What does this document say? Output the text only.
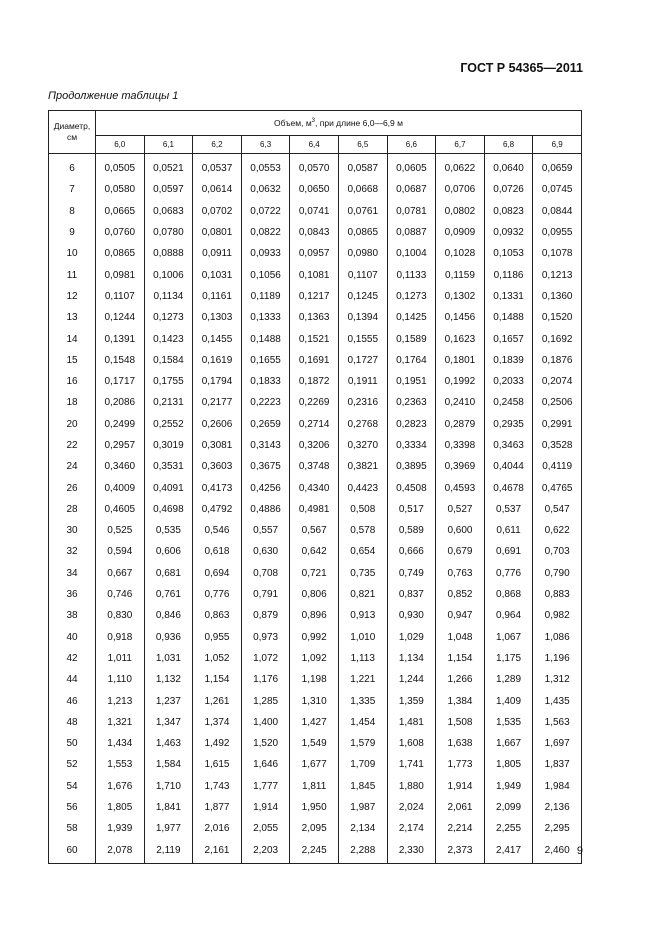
ГОСТ Р 54365—2011
Продолжение таблицы 1
Диаметр,
см	Объем, $м^3$, при длине 6,0—6,9 м									
	6,0	6,1	6,2	6,3	6,4	6,5	6,6	6,7	6,8	6,9
6	0,0505	0,0521	0,0537	0,0553	0,0570	0,0587	0,0605	0,0622	0,0640	0,0659
7	0,0580	0,0597	0,0614	0,0632	0,0650	0,0668	0,0687	0,0706	0,0726	0,0745
8	0,0665	0,0683	0,0702	0,0722	0,0741	0,0761	0,0781	0,0802	0,0823	0,0844
9	0,0760	0,0780	0,0801	0,0822	0,0843	0,0865	0,0887	0,0909	0,0932	0,0955
10	0,0865	0,0888	0,0911	0,0933	0,0957	0,0980	0,1004	0,1028	0,1053	0,1078
11	0,0981	0,1006	0,1031	0,1056	0,1081	0,1107	0,1133	0,1159	0,1186	0,1213
12	0,1107	0,1134	0,1161	0,1189	0,1217	0,1245	0,1273	0,1302	0,1331	0,1360
13	0,1244	0,1273	0,1303	0,1333	0,1363	0,1394	0,1425	0,1456	0,1488	0,1520
14	0,1391	0,1423	0,1455	0,1488	0,1521	0,1555	0,1589	0,1623	0,1657	0,1692
15	0,1548	0,1584	0,1619	0,1655	0,1691	0,1727	0,1764	0,1801	0,1839	0,1876
16	0,1717	0,1755	0,1794	0,1833	0,1872	0,1911	0,1951	0,1992	0,2033	0,2074
18	0,2086	0,2131	0,2177	0,2223	0,2269	0,2316	0,2363	0,2410	0,2458	0,2506
20	0,2499	0,2552	0,2606	0,2659	0,2714	0,2768	0,2823	0,2879	0,2935	0,2991
22	0,2957	0,3019	0,3081	0,3143	0,3206	0,3270	0,3334	0,3398	0,3463	0,3528
24	0,3460	0,3531	0,3603	0,3675	0,3748	0,3821	0,3895	0,3969	0,4044	0,4119
26	0,4009	0,4091	0,4173	0,4256	0,4340	0,4423	0,4508	0,4593	0,4678	0,4765
28	0,4605	0,4698	0,4792	0,4886	0,4981	0,508	0,517	0,527	0,537	0,547
30	0,525	0,535	0,546	0,557	0,567	0,578	0,589	0,600	0,611	0,622
32	0,594	0,606	0,618	0,630	0,642	0,654	0,666	0,679	0,691	0,703
34	0,667	0,681	0,694	0,708	0,721	0,735	0,749	0,763	0,776	0,790
36	0,746	0,761	0,776	0,791	0,806	0,821	0,837	0,852	0,868	0,883
38	0,830	0,846	0,863	0,879	0,896	0,913	0,930	0,947	0,964	0,982
40	0,918	0,936	0,955	0,973	0,992	1,010	1,029	1,048	1,067	1,086
42	1,011	1,031	1,052	1,072	1,092	1,113	1,134	1,154	1,175	1,196
44	1,110	1,132	1,154	1,176	1,198	1,221	1,244	1,266	1,289	1,312
46	1,213	1,237	1,261	1,285	1,310	1,335	1,359	1,384	1,409	1,435
48	1,321	1,347	1,374	1,400	1,427	1,454	1,481	1,508	1,535	1,563
50	1,434	1,463	1,492	1,520	1,549	1,579	1,608	1,638	1,667	1,697
52	1,553	1,584	1,615	1,646	1,677	1,709	1,741	1,773	1,805	1,837
54	1,676	1,710	1,743	1,777	1,811	1,845	1,880	1,914	1,949	1,984
56	1,805	1,841	1,877	1,914	1,950	1,987	2,024	2,061	2,099	2,136
58	1,939	1,977	2,016	2,055	2,095	2,134	2,174	2,214	2,255	2,295
60	2,078	2,119	2,161	2,203	2,245	2,288	2,330	2,373	2,417	2,460 9
